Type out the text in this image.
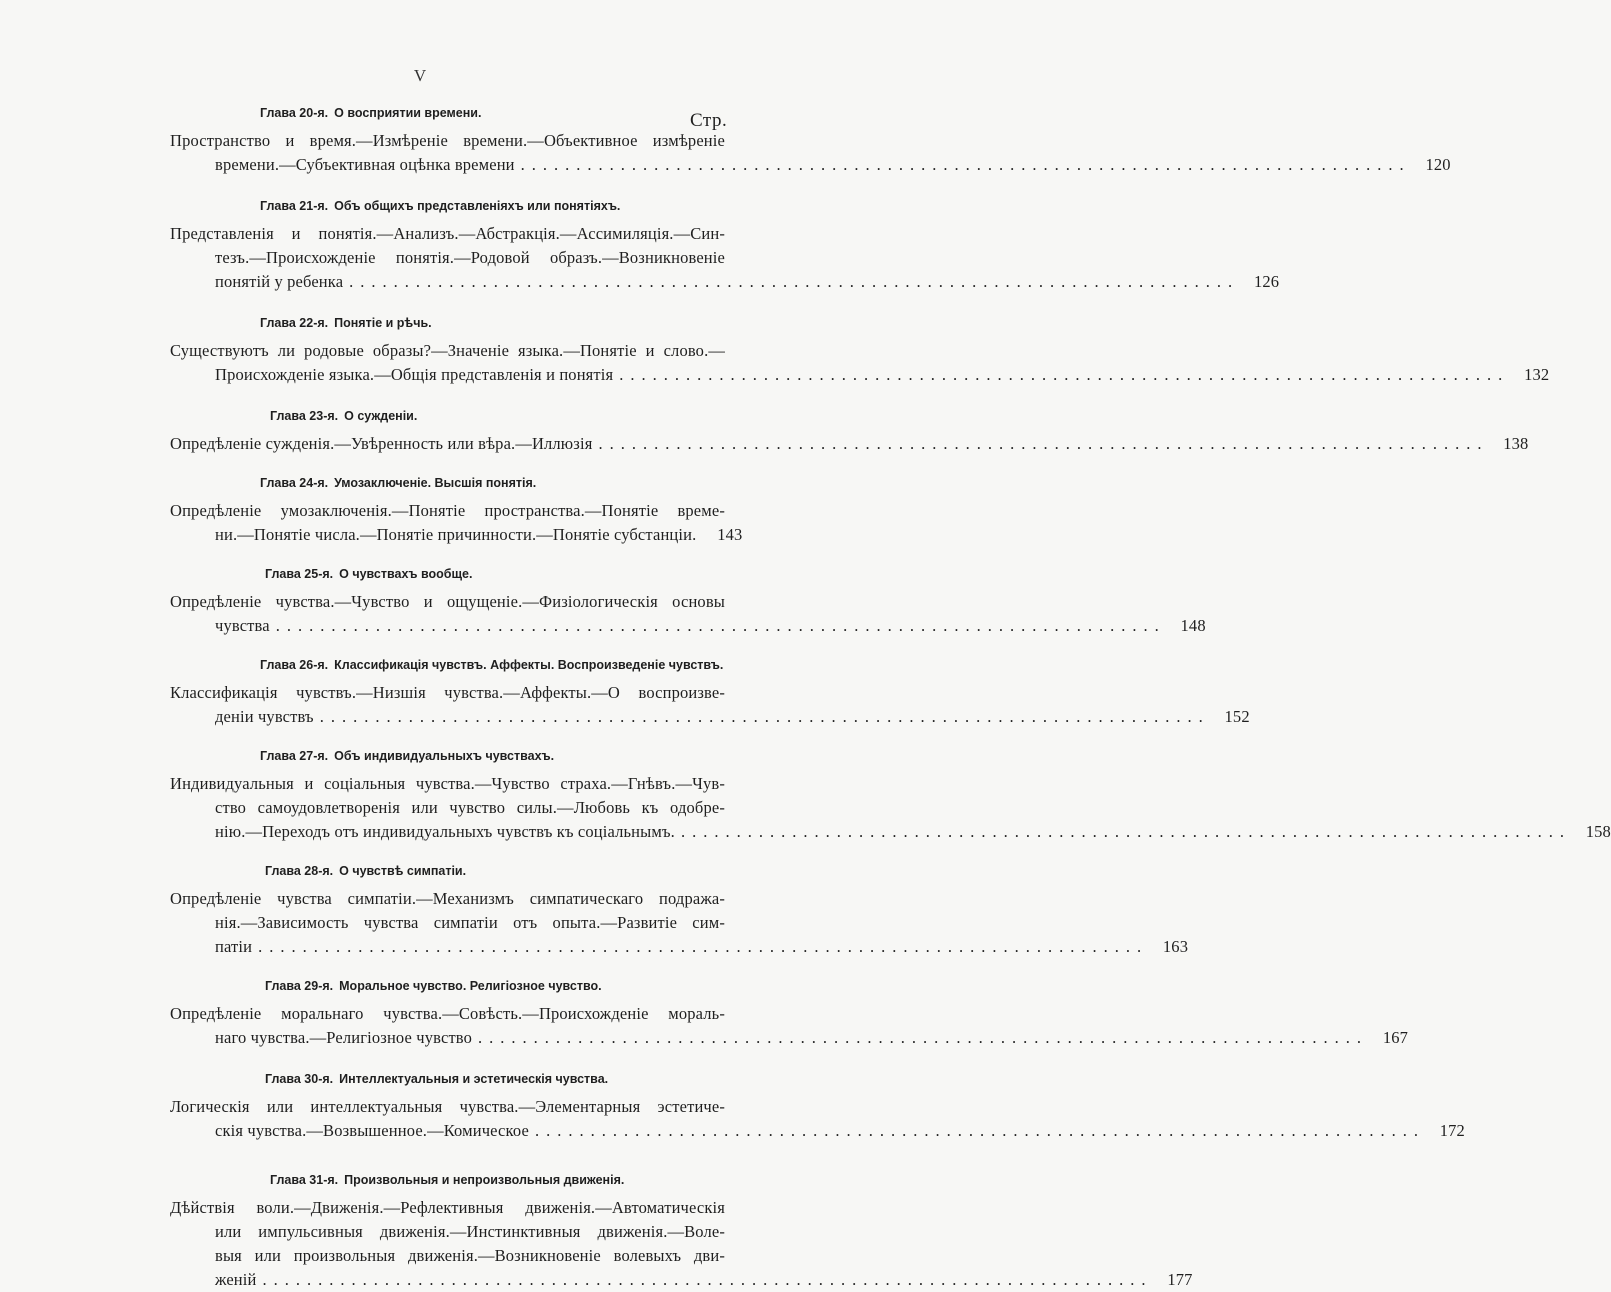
V
Стр.
Глава 20-я. О восприятии времени.
Пространство и время.—Измѣреніе времени.—Объективное измѣреніе
времени.—Субъективная оцѣнка времени ................................................................................ 120
Глава 21-я. Объ общихъ представленіяхъ или понятіяхъ.
Представленія и понятія.—Анализъ.—Абстракція.—Ассимиляція.—Син-
тезъ.—Происхожденіе понятія.—Родовой образъ.—Возникновеніе
понятій у ребенка ................................................................................ 126
Глава 22-я. Понятіе и рѣчь.
Существуютъ ли родовые образы?—Значеніе языка.—Понятіе и слово.—
Происхожденіе языка.—Общія представленія и понятія ................................................................................ 132
Глава 23-я. О сужденіи.
Опредѣленіе сужденія.—Увѣренность или вѣра.—Иллюзія ................................................................................ 138
Глава 24-я. Умозаключеніе. Высшія понятія.
Опредѣленіе умозаключенія.—Понятіе пространства.—Понятіе време-
ни.—Понятіе числа.—Понятіе причинности.—Понятіе субстанціи.	143
Глава 25-я. О чувствахъ вообще.
Опредѣленіе чувства.—Чувство и ощущеніе.—Физіологическія основы
чувства ................................................................................ 148
Глава 26-я. Классификація чувствъ. Аффекты. Воспроизведеніе чувствъ.
Классификація чувствъ.—Низшія чувства.—Аффекты.—О воспроизве-
деніи чувствъ ................................................................................ 152
Глава 27-я. Объ индивидуальныхъ чувствахъ.
Индивидуальныя и соціальныя чувства.—Чувство страха.—Гнѣвъ.—Чув-
ство самоудовлетворенія или чувство силы.—Любовь къ одобре-
нію.—Переходъ отъ индивидуальныхъ чувствъ къ соціальнымъ. ................................................................................ 158
Глава 28-я. О чувствѣ симпатіи.
Опредѣленіе чувства симпатіи.—Механизмъ симпатическаго подража-
нія.—Зависимость чувства симпатіи отъ опыта.—Развитіе сим-
патіи ................................................................................ 163
Глава 29-я. Моральное чувство. Религіозное чувство.
Опредѣленіе моральнаго чувства.—Совѣсть.—Происхожденіе мораль-
наго чувства.—Религіозное чувство ................................................................................ 167
Глава 30-я. Интеллектуальныя и эстетическія чувства.
Логическія или интеллектуальныя чувства.—Элементарныя эстетиче-
скія чувства.—Возвышенное.—Комическое ................................................................................ 172
Глава 31-я. Произвольныя и непроизвольныя движенія.
Дѣйствія воли.—Движенія.—Рефлективныя движенія.—Автоматическія
или импульсивныя движенія.—Инстинктивныя движенія.—Воле-
выя или произвольныя движенія.—Возникновеніе волевыхъ дви-
женій ................................................................................ 177
